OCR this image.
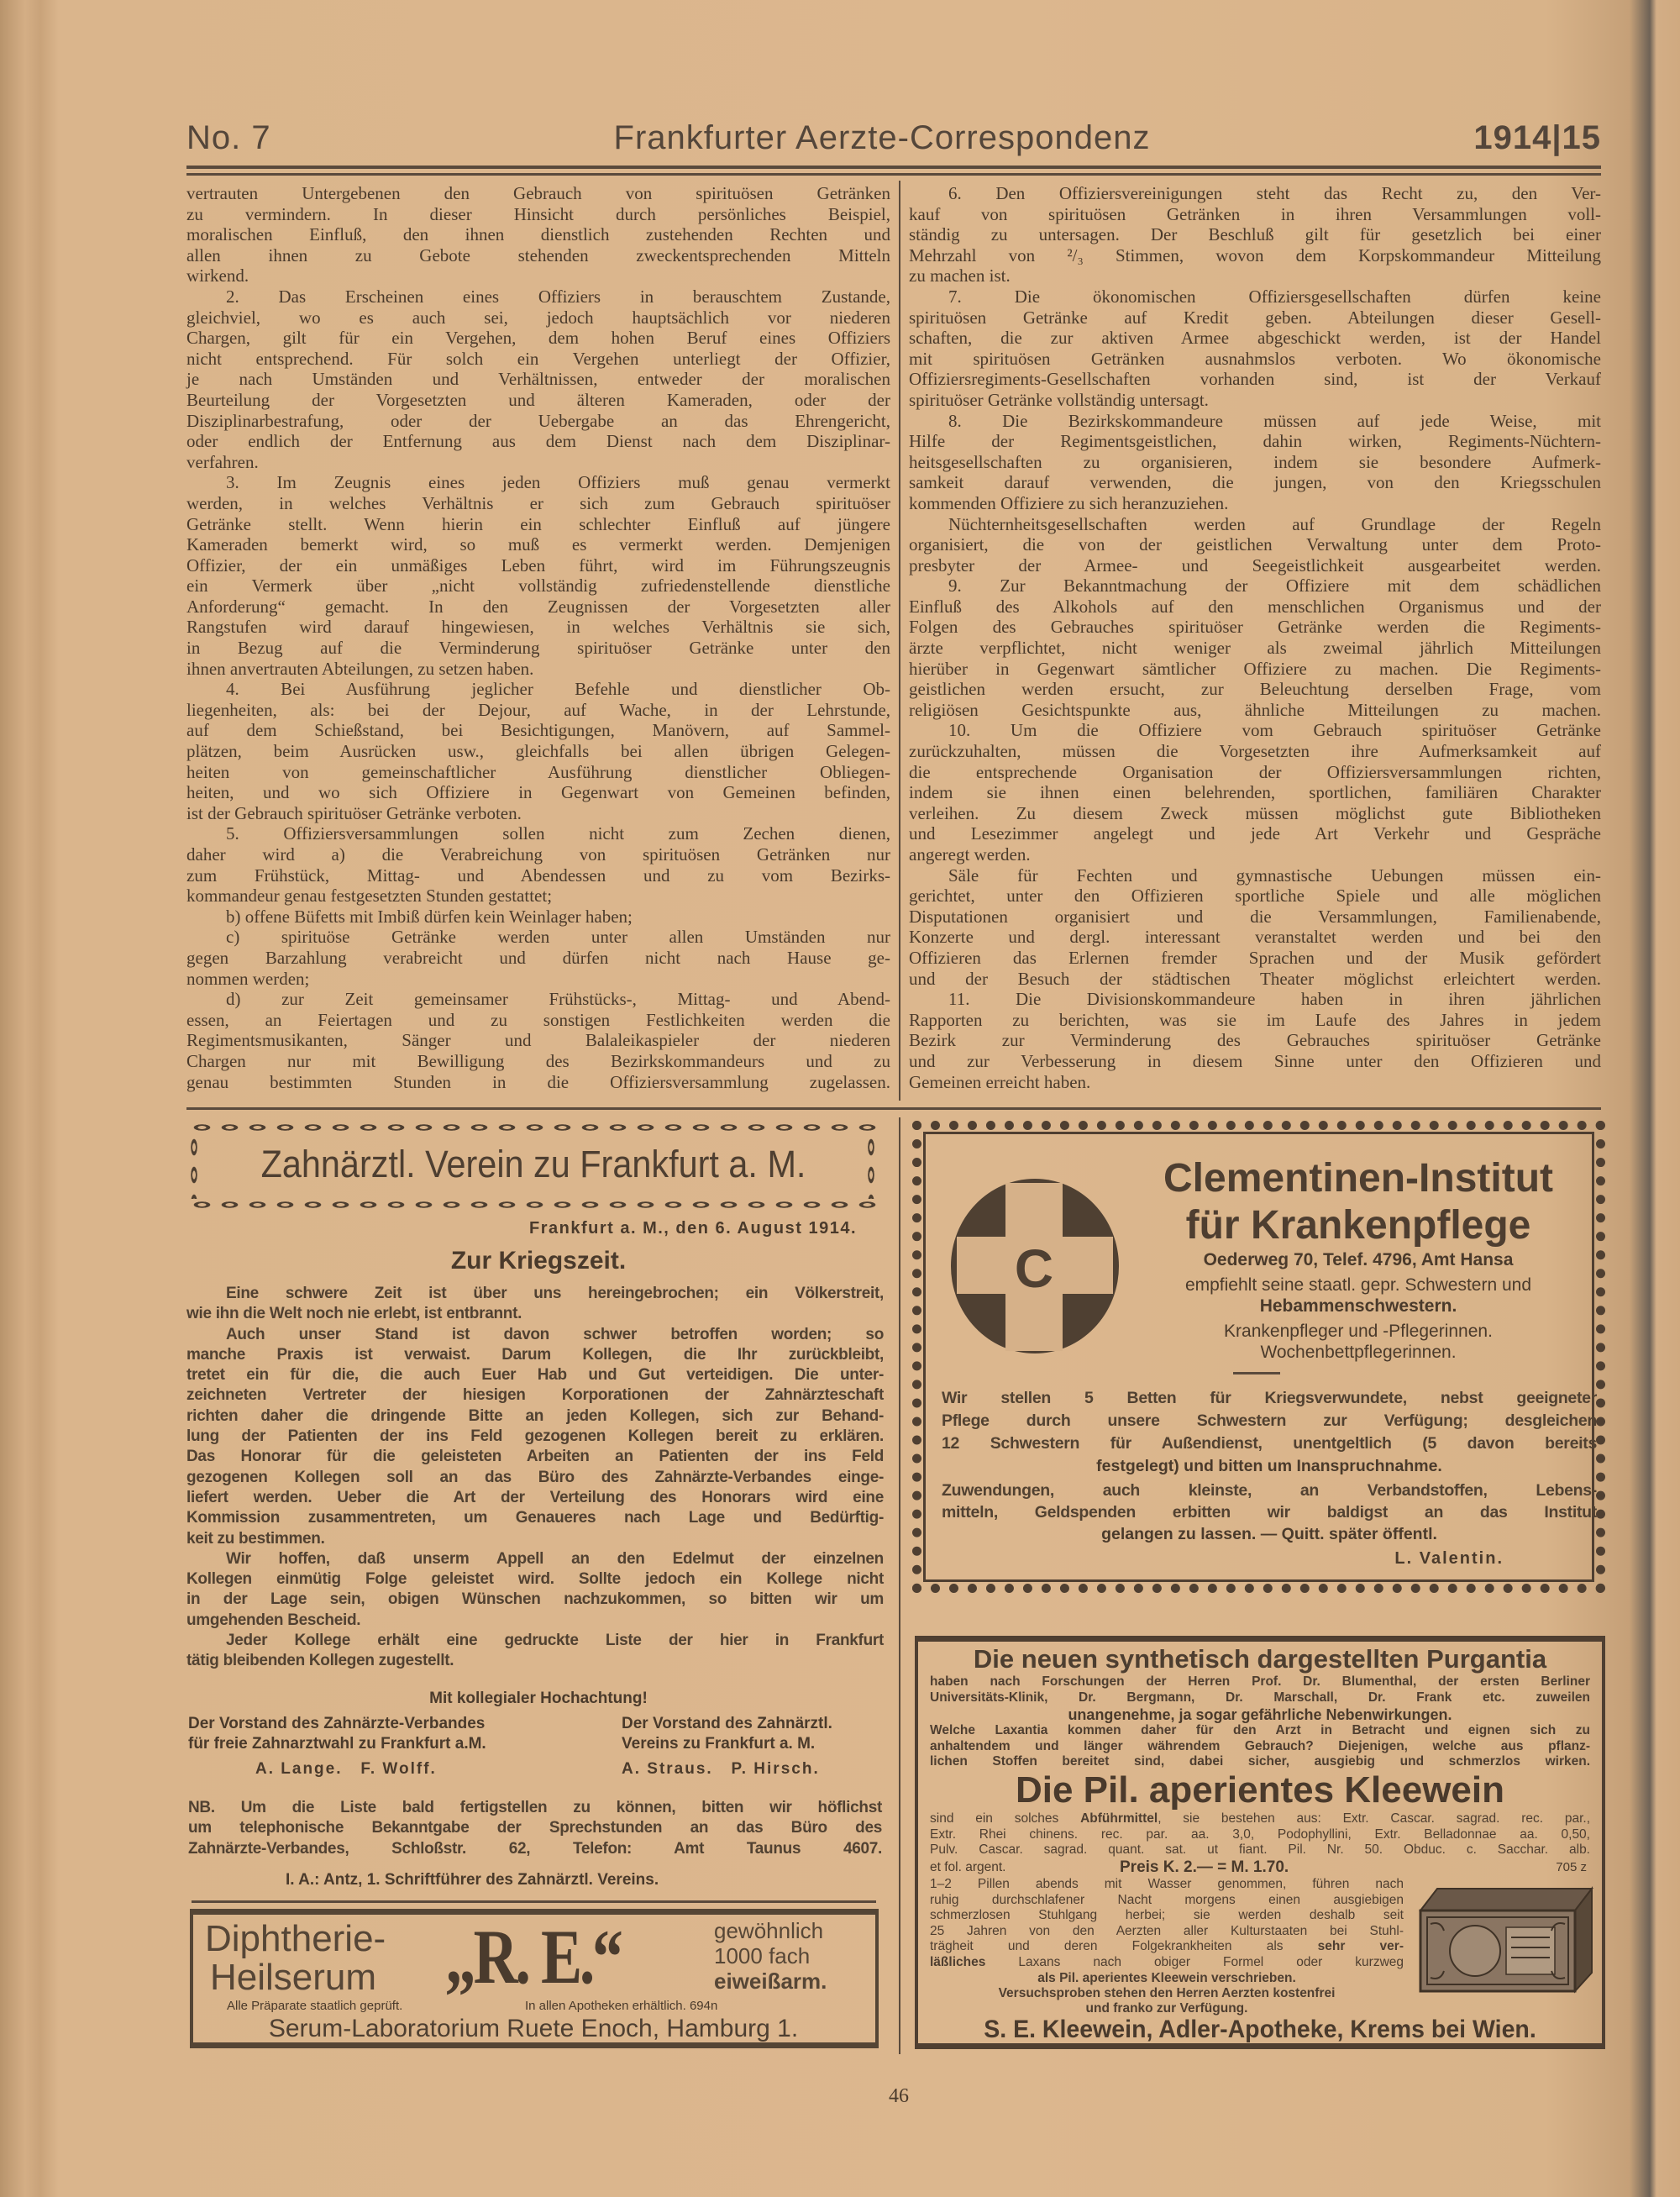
No. 7	Frankfurter Aerzte-Correspondenz	1914|15
vertrauten Untergebenen den Gebrauch von spirituösen Getränken
zu vermindern. In dieser Hinsicht durch persönliches Beispiel,
moralischen Einfluß, den ihnen dienstlich zustehenden Rechten und
allen ihnen zu Gebote stehenden zweckentsprechenden Mitteln
wirkend.
2. Das Erscheinen eines Offiziers in berauschtem Zustande,
gleichviel, wo es auch sei, jedoch hauptsächlich vor niederen
Chargen, gilt für ein Vergehen, dem hohen Beruf eines Offiziers
nicht entsprechend. Für solch ein Vergehen unterliegt der Offizier,
je nach Umständen und Verhältnissen, entweder der moralischen
Beurteilung der Vorgesetzten und älteren Kameraden, oder der
Disziplinarbestrafung, oder der Uebergabe an das Ehrengericht,
oder endlich der Entfernung aus dem Dienst nach dem Disziplinar-
verfahren.
3. Im Zeugnis eines jeden Offiziers muß genau vermerkt
werden, in welches Verhältnis er sich zum Gebrauch spirituöser
Getränke stellt. Wenn hierin ein schlechter Einfluß auf jüngere
Kameraden bemerkt wird, so muß es vermerkt werden. Demjenigen
Offizier, der ein unmäßiges Leben führt, wird im Führungszeugnis
ein Vermerk über „nicht vollständig zufriedenstellende dienstliche
Anforderung“ gemacht. In den Zeugnissen der Vorgesetzten aller
Rangstufen wird darauf hingewiesen, in welches Verhältnis sie sich,
in Bezug auf die Verminderung spirituöser Getränke unter den
ihnen anvertrauten Abteilungen, zu setzen haben.
4. Bei Ausführung jeglicher Befehle und dienstlicher Ob-
liegenheiten, als: bei der Dejour, auf Wache, in der Lehrstunde,
auf dem Schießstand, bei Besichtigungen, Manövern, auf Sammel-
plätzen, beim Ausrücken usw., gleichfalls bei allen übrigen Gelegen-
heiten von gemeinschaftlicher Ausführung dienstlicher Obliegen-
heiten, und wo sich Offiziere in Gegenwart von Gemeinen befinden,
ist der Gebrauch spirituöser Getränke verboten.
5. Offiziersversammlungen sollen nicht zum Zechen dienen,
daher wird a) die Verabreichung von spirituösen Getränken nur
zum Frühstück, Mittag- und Abendessen und zu vom Bezirks-
kommandeur genau festgesetzten Stunden gestattet;
b) offene Büfetts mit Imbiß dürfen kein Weinlager haben;
c) spirituöse Getränke werden unter allen Umständen nur
gegen Barzahlung verabreicht und dürfen nicht nach Hause ge-
nommen werden;
d) zur Zeit gemeinsamer Frühstücks-, Mittag- und Abend-
essen, an Feiertagen und zu sonstigen Festlichkeiten werden die
Regimentsmusikanten, Sänger und Balaleikaspieler der niederen
Chargen nur mit Bewilligung des Bezirkskommandeurs und zu
genau bestimmten Stunden in die Offiziersversammlung zugelassen.
6. Den Offiziersvereinigungen steht das Recht zu, den Ver-
kauf von spirituösen Getränken in ihren Versammlungen voll-
ständig zu untersagen. Der Beschluß gilt für gesetzlich bei einer
Mehrzahl von ²/₃ Stimmen, wovon dem Korpskommandeur Mitteilung
zu machen ist.
7. Die ökonomischen Offiziersgesellschaften dürfen keine
spirituösen Getränke auf Kredit geben. Abteilungen dieser Gesell-
schaften, die zur aktiven Armee abgeschickt werden, ist der Handel
mit spirituösen Getränken ausnahmslos verboten. Wo ökonomische
Offiziersregiments-Gesellschaften vorhanden sind, ist der Verkauf
spirituöser Getränke vollständig untersagt.
8. Die Bezirkskommandeure müssen auf jede Weise, mit
Hilfe der Regimentsgeistlichen, dahin wirken, Regiments-Nüchtern-
heitsgesellschaften zu organisieren, indem sie besondere Aufmerk-
samkeit darauf verwenden, die jungen, von den Kriegsschulen
kommenden Offiziere zu sich heranzuziehen.
Nüchternheitsgesellschaften werden auf Grundlage der Regeln
organisiert, die von der geistlichen Verwaltung unter dem Proto-
presbyter der Armee- und Seegeistlichkeit ausgearbeitet werden.
9. Zur Bekanntmachung der Offiziere mit dem schädlichen
Einfluß des Alkohols auf den menschlichen Organismus und der
Folgen des Gebrauches spirituöser Getränke werden die Regiments-
ärzte verpflichtet, nicht weniger als zweimal jährlich Mitteilungen
hierüber in Gegenwart sämtlicher Offiziere zu machen. Die Regiments-
geistlichen werden ersucht, zur Beleuchtung derselben Frage, vom
religiösen Gesichtspunkte aus, ähnliche Mitteilungen zu machen.
10. Um die Offiziere vom Gebrauch spirituöser Getränke
zurückzuhalten, müssen die Vorgesetzten ihre Aufmerksamkeit auf
die entsprechende Organisation der Offiziersversammlungen richten,
indem sie ihnen einen belehrenden, sportlichen, familiären Charakter
verleihen. Zu diesem Zweck müssen möglichst gute Bibliotheken
und Lesezimmer angelegt und jede Art Verkehr und Gespräche
angeregt werden.
Säle für Fechten und gymnastische Uebungen müssen ein-
gerichtet, unter den Offizieren sportliche Spiele und alle möglichen
Disputationen organisiert und die Versammlungen, Familienabende,
Konzerte und dergl. interessant veranstaltet werden und bei den
Offizieren das Erlernen fremder Sprachen und der Musik gefördert
und der Besuch der städtischen Theater möglichst erleichtert werden.
11. Die Divisionskommandeure haben in ihren jährlichen
Rapporten zu berichten, was sie im Laufe des Jahres in jedem
Bezirk zur Verminderung des Gebrauches spirituöser Getränke
und zur Verbesserung in diesem Sinne unter den Offizieren und
Gemeinen erreicht haben.
Zahnärztl. Verein zu Frankfurt a. M.
Frankfurt a. M., den 6. August 1914.
Zur Kriegszeit.
Eine schwere Zeit ist über uns hereingebrochen; ein Völkerstreit,
wie ihn die Welt noch nie erlebt, ist entbrannt.
Auch unser Stand ist davon schwer betroffen worden; so
manche Praxis ist verwaist. Darum Kollegen, die Ihr zurückbleibt,
tretet ein für die, die auch Euer Hab und Gut verteidigen. Die unter-
zeichneten Vertreter der hiesigen Korporationen der Zahnärzteschaft
richten daher die dringende Bitte an jeden Kollegen, sich zur Behand-
lung der Patienten der ins Feld gezogenen Kollegen bereit zu erklären.
Das Honorar für die geleisteten Arbeiten an Patienten der ins Feld
gezogenen Kollegen soll an das Büro des Zahnärzte-Verbandes einge-
liefert werden. Ueber die Art der Verteilung des Honorars wird eine
Kommission zusammentreten, um Genaueres nach Lage und Bedürftig-
keit zu bestimmen.
Wir hoffen, daß unserm Appell an den Edelmut der einzelnen
Kollegen einmütig Folge geleistet wird. Sollte jedoch ein Kollege nicht
in der Lage sein, obigen Wünschen nachzukommen, so bitten wir um
umgehenden Bescheid.
Jeder Kollege erhält eine gedruckte Liste der hier in Frankfurt
tätig bleibenden Kollegen zugestellt.
Mit kollegialer Hochachtung!
Der Vorstand des Zahnärzte-Verbandes
für freie Zahnarztwahl zu Frankfurt a.M.
A. Lange.   F. Wolff.
Der Vorstand des Zahnärztl.
Vereins zu Frankfurt a. M.
A. Straus.   P. Hirsch.
NB. Um die Liste bald fertigstellen zu können, bitten wir höflichst
um telephonische Bekanntgabe der Sprechstunden an das Büro des
Zahnärzte-Verbandes, Schloßstr. 62, Telefon: Amt Taunus 4607.
I. A.: Antz, 1. Schriftführer des Zahnärztl. Vereins.
Diphtherie-
Heilserum „R. E.“	gewöhnlich
1000 fach
eiweißarm.
Alle Präparate staatlich geprüft.	In allen Apotheken erhältlich. 694n
Serum-Laboratorium Ruete Enoch, Hamburg 1.
C
Clementinen-Institut
für Krankenpflege
Oederweg 70, Telef. 4796, Amt Hansa
empfiehlt seine staatl. gepr. Schwestern und
Hebammenschwestern.
Krankenpfleger und -Pflegerinnen.
Wochenbettpflegerinnen.
Wir stellen 5 Betten für Kriegsverwundete, nebst geeigneter
Pflege durch unsere Schwestern zur Verfügung; desgleichen
12 Schwestern für Außendienst, unentgeltlich (5 davon bereits
festgelegt) und bitten um Inanspruchnahme.
Zuwendungen, auch kleinste, an Verbandstoffen, Lebens-
mitteln, Geldspenden erbitten wir baldigst an das Institut
gelangen zu lassen. — Quitt. später öffentl.
L. Valentin.
Die neuen synthetisch dargestellten Purgantia
haben nach Forschungen der Herren Prof. Dr. Blumenthal, der ersten Berliner
Universitäts-Klinik, Dr. Bergmann, Dr. Marschall, Dr. Frank etc. zuweilen
unangenehme, ja sogar gefährliche Nebenwirkungen.
Welche Laxantia kommen daher für den Arzt in Betracht und eignen sich zu
anhaltendem und länger währendem Gebrauch? Diejenigen, welche aus pflanz-
lichen Stoffen bereitet sind, dabei sicher, ausgiebig und schmerzlos wirken.
Die Pil. aperientes Kleewein
sind ein solches Abführmittel, sie bestehen aus: Extr. Cascar. sagrad. rec. par.,
Extr. Rhei chinens. rec. par. aa. 3,0, Podophyllini, Extr. Belladonnae aa. 0,50,
Pulv. Cascar. sagrad. quant. sat. ut fiant. Pil. Nr. 50. Obduc. c. Sacchar. alb.
et fol. argent.	Preis K. 2.— = M. 1.70.	705 z
1–2 Pillen abends mit Wasser genommen, führen nach
ruhig durchschlafener Nacht morgens einen ausgiebigen
schmerzlosen Stuhlgang herbei; sie werden deshalb seit
25 Jahren von den Aerzten aller Kulturstaaten bei Stuhl-
trägheit und deren Folgekrankheiten als sehr ver-
läßliches Laxans nach obiger Formel oder kurzweg
als Pil. aperientes Kleewein verschrieben.
Versuchsproben stehen den Herren Aerzten kostenfrei
und franko zur Verfügung.
S. E. Kleewein, Adler-Apotheke, Krems bei Wien.
46
